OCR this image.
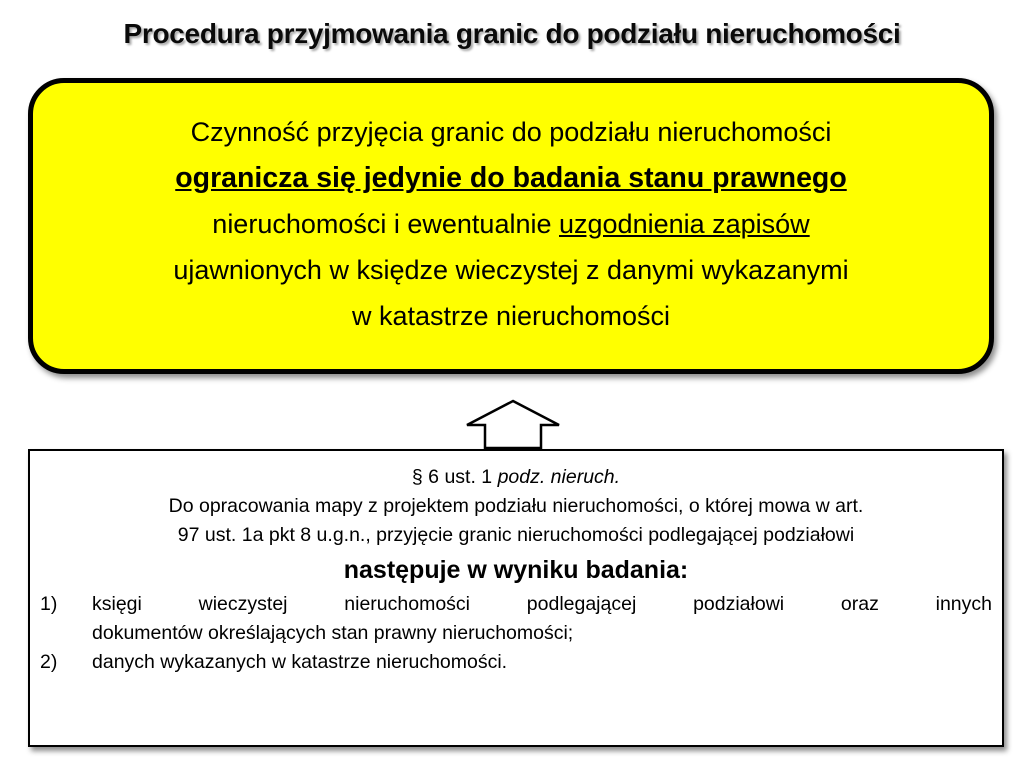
Procedura przyjmowania granic do podziału nieruchomości
Czynność przyjęcia granic do podziału nieruchomości
ogranicza się jedynie do badania stanu prawnego
nieruchomości i ewentualnie uzgodnienia zapisów
ujawnionych w księdze wieczystej z danymi wykazanymi
w katastrze nieruchomości
§ 6 ust. 1 podz. nieruch.
Do opracowania mapy z projektem podziału nieruchomości, o której mowa w art.
97 ust. 1a pkt 8 u.g.n., przyjęcie granic nieruchomości podlegającej podziałowi
następuje w wyniku badania:
1)	księgi wieczystej nieruchomości podlegającej podziałowi oraz innych
dokumentów określających stan prawny nieruchomości;
2)	danych wykazanych w katastrze nieruchomości.
